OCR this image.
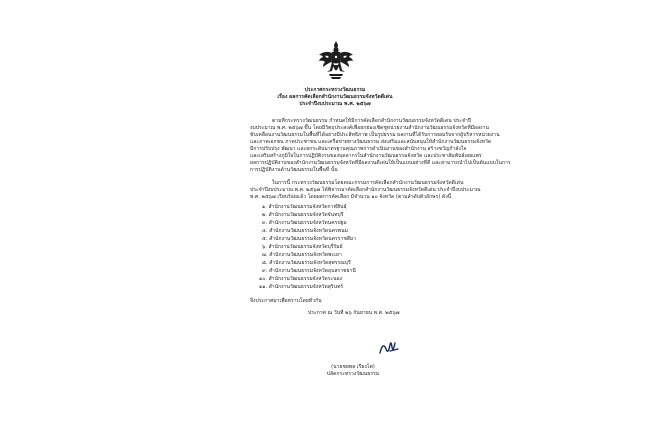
ประกาศกระทรวงวัฒนธรรม
เรื่อง ผลการคัดเลือกสำนักงานวัฒนธรรมจังหวัดดีเด่น
ประจำปีงบประมาณ พ.ศ. ๒๕๖๗
ตามที่กระทรวงวัฒนธรรม กำหนดให้มีการคัดเลือกสำนักงานวัฒนธรรมจังหวัดดีเด่น ประจำปี
งบประมาณ พ.ศ. ๒๕๖๗ ขึ้น โดยมีวัตถุประสงค์เพื่อยกย่องเชิดชูหน่วยงานสำนักงานวัฒนธรรมจังหวัดที่มีผลงาน
ขับเคลื่อนงานวัฒนธรรมในพื้นที่ได้อย่างมีประสิทธิภาพ เป็นรูปธรรม ผลงานที่ได้รับการยอมรับจากผู้บริหารหน่วยงาน
และภาคเอกชน ภาคประชาชน และเครือข่ายทางวัฒนธรรม ส่งเสริมและสนับสนุนให้สำนักงานวัฒนธรรมจังหวัด
มีการปรับปรุง พัฒนา และยกระดับมาตรฐานคุณภาพการดำเนินงานของสำนักงาน สร้างขวัญกำลังใจ
และเสริมสร้างภูมิใจในการปฏิบัติงานของบุคลากรในสำนักงานวัฒนธรรมจังหวัด และประชาสัมพันธ์เผยแพร่
ผลการปฏิบัติงานของสำนักงานวัฒนธรรมจังหวัดที่มีผลงานดีเด่นให้เป็นแบบอย่างที่ดี และสามารถนำไปเป็นต้นแบบในการ
การปฏิบัติงานด้านวัฒนธรรมในพื้นที่ นั้น
ในการนี้ กระทรวงวัฒนธรรมโดยคณะกรรมการคัดเลือกสำนักงานวัฒนธรรมจังหวัดดีเด่น
ประจำปีงบประมาณ พ.ศ. ๒๕๖๗ ได้พิจารณาคัดเลือกสำนักงานวัฒนธรรมจังหวัดดีเด่น ประจำปีงบประมาณ
พ.ศ. ๒๕๖๗ เรียบร้อยแล้ว โดยผลการคัดเลือก มีจำนวน ๑๐ จังหวัด (ตามลำดับตัวอักษร) ดังนี้
๑. สำนักงานวัฒนธรรมจังหวัดกาฬสินธุ์
๒. สำนักงานวัฒนธรรมจังหวัดจันทบุรี
๓. สำนักงานวัฒนธรรมจังหวัดนครปฐม
๔. สำนักงานวัฒนธรรมจังหวัดนครพนม
๕. สำนักงานวัฒนธรรมจังหวัดนครราชสีมา
๖. สำนักงานวัฒนธรรมจังหวัดบุรีรัมย์
๗. สำนักงานวัฒนธรรมจังหวัดพะเยา
๘. สำนักงานวัฒนธรรมจังหวัดสุพรรณบุรี
๙. สำนักงานวัฒนธรรมจังหวัดอุบลราชธานี
๑๐. สำนักงานวัฒนธรรมจังหวัดระนอง
๑๑. สำนักงานวัฒนธรรมจังหวัดสุรินทร์
จึงประกาศมาเพื่อทราบโดยทั่วกัน
ประกาศ ณ วันที่ ๒๖ กันยายน พ.ศ. ๒๕๖๗
(นายชยพล เรียงโต)
ปลัดกระทรวงวัฒนธรรม
